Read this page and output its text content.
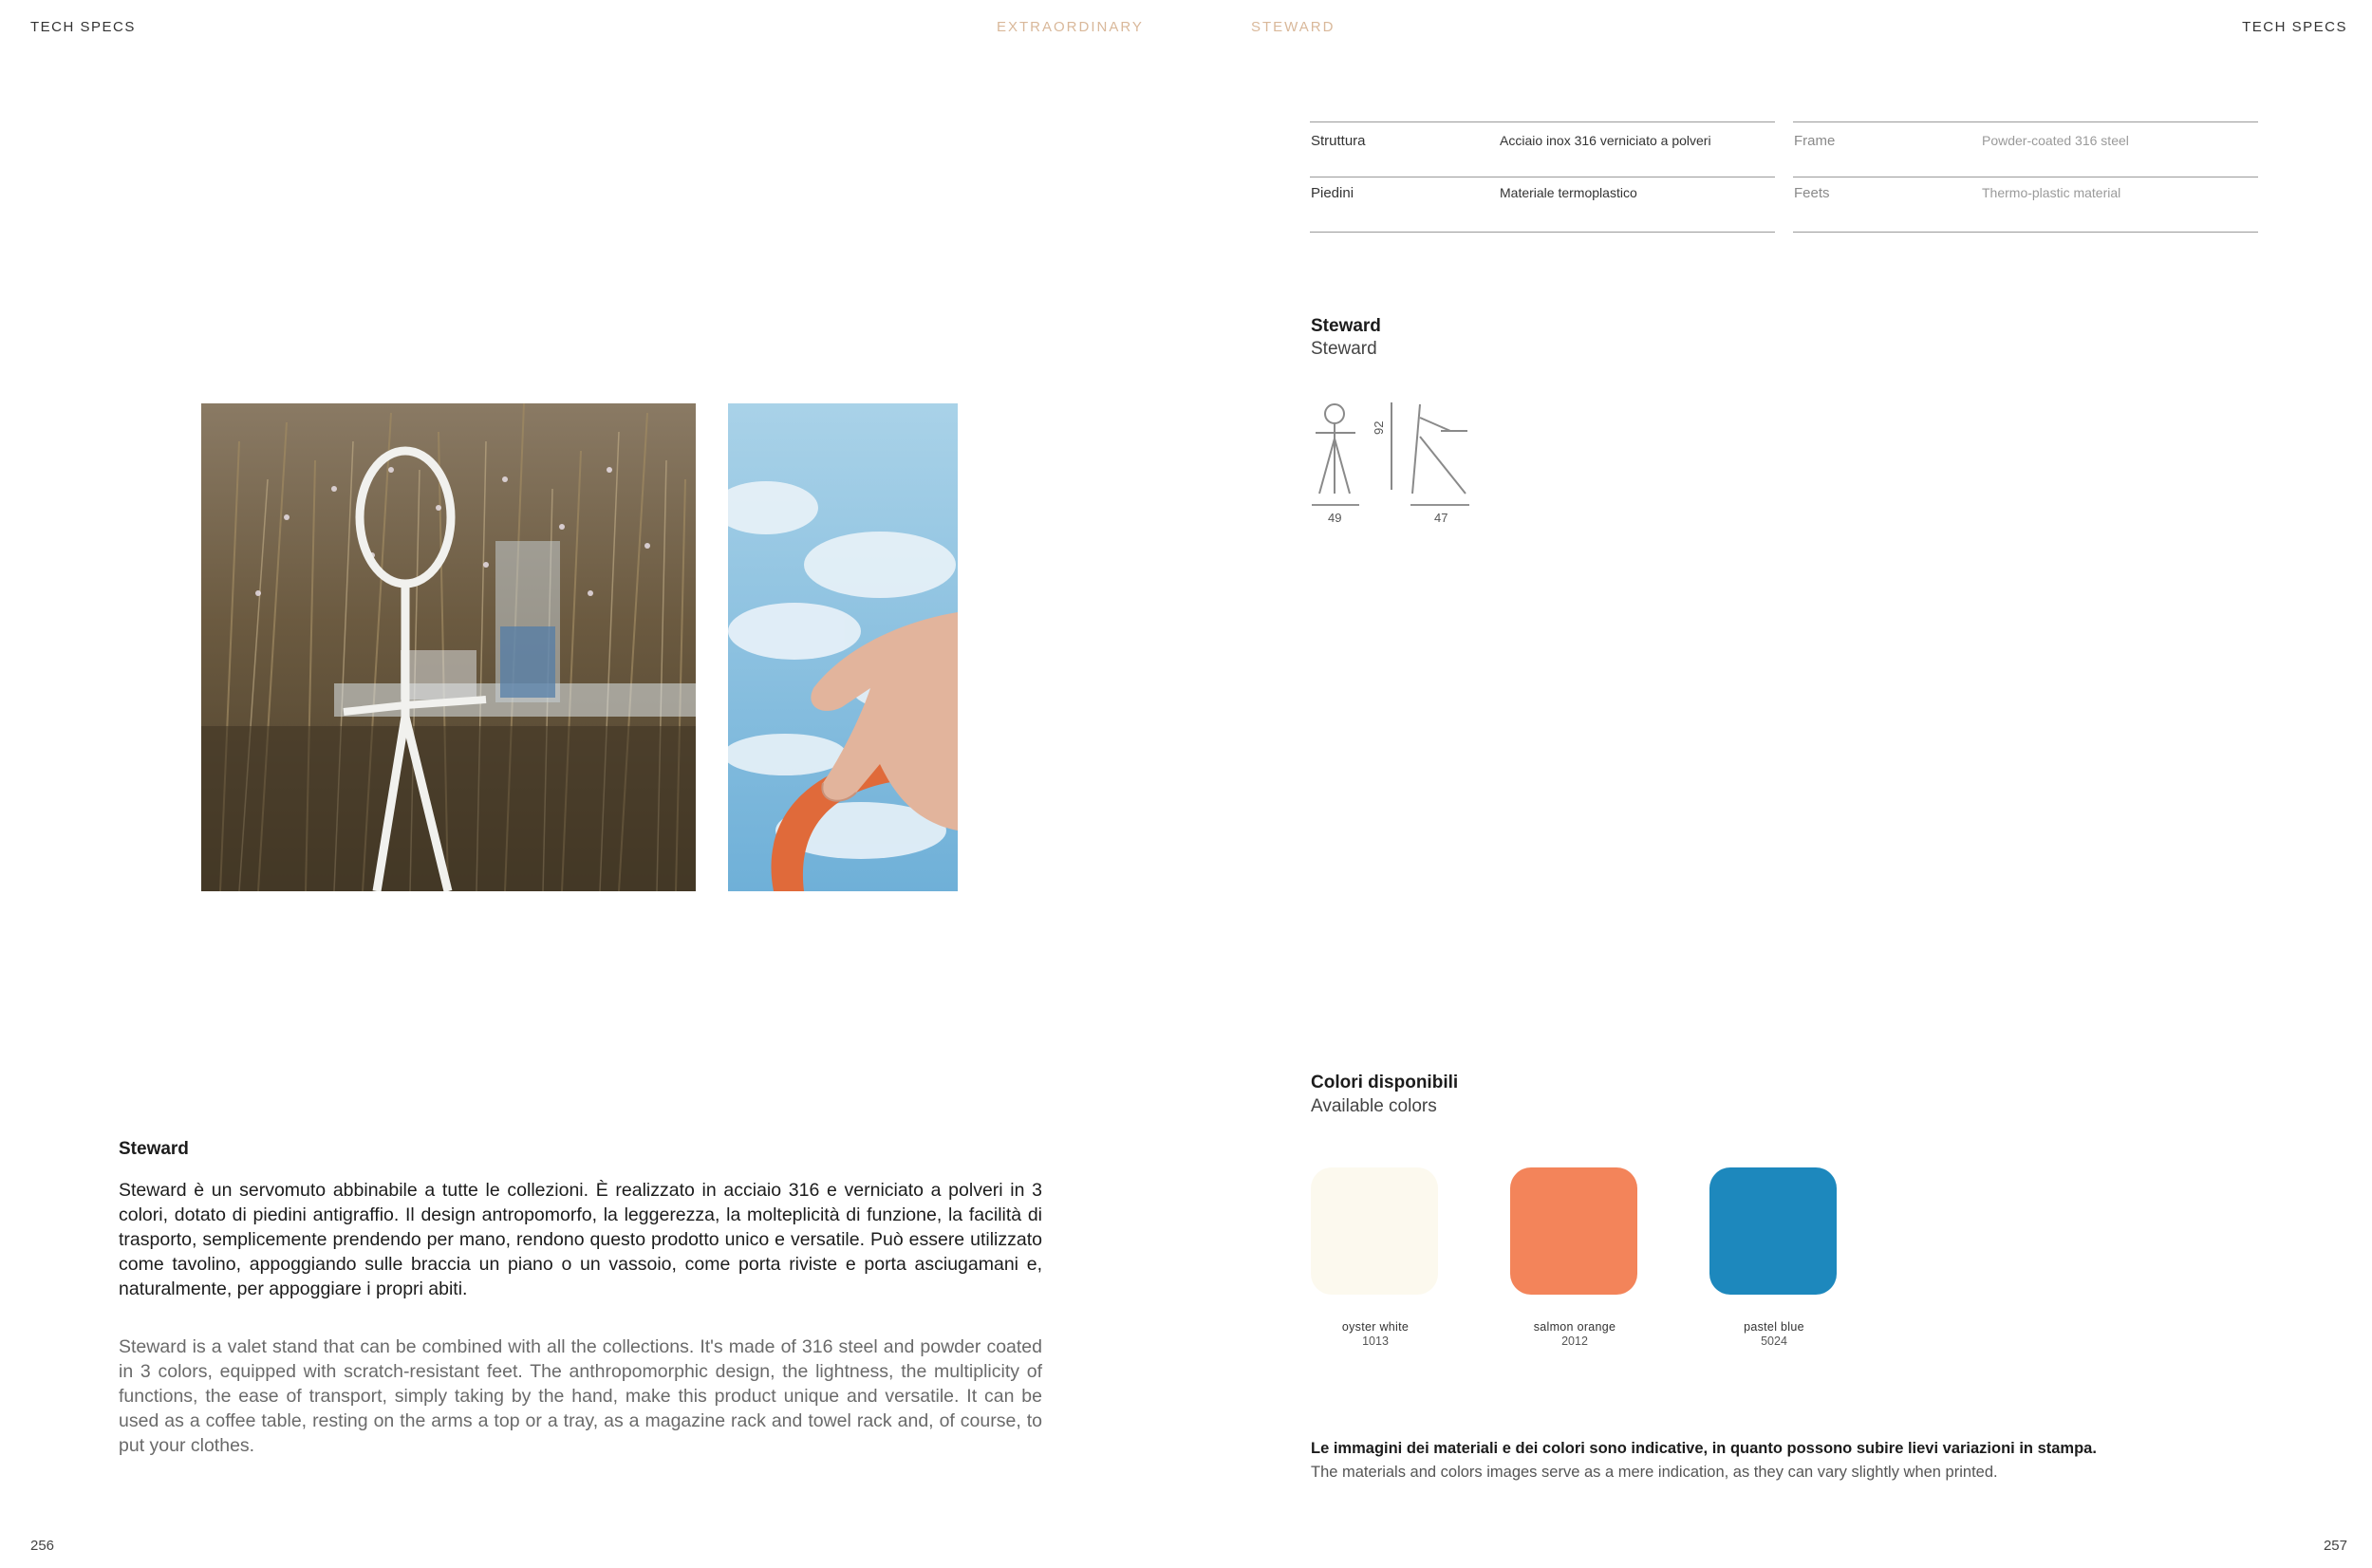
TECH SPECS	EXTRAORDINARY	STEWARD	TECH SPECS
Steward
Steward è un servomuto abbinabile a tutte le collezioni. È realizzato in acciaio 316 e verniciato a polveri in 3 colori, dotato di piedini antigraffio. Il design antropomorfo, la leggerezza, la molteplicità di funzione, la facilità di trasporto, semplicemente prendendo per mano, rendono questo prodotto unico e versatile. Può essere utilizzato come tavolino, appoggiando sulle braccia un piano o un vassoio, come porta riviste e porta asciugamani e, naturalmente, per appoggiare i propri abiti.
Steward is a valet stand that can be combined with all the collections. It's made of 316 steel and powder coated in 3 colors, equipped with scratch-resistant feet. The anthropomorphic design, the lightness, the multiplicity of functions, the ease of transport, simply taking by the hand, make this product unique and versatile. It can be used as a coffee table, resting on the arms a top or a tray, as a magazine rack and towel rack and, of course, to put your clothes.
256
Struttura	Acciaio inox 316 verniciato a polveri
Piedini	Materiale termoplastico
Frame	Powder-coated 316 steel
Feets	Thermo-plastic material
Steward
Steward
92
49	47
Colori disponibili
Available colors
oyster white
1013
salmon orange
2012
pastel blue
5024
Le immagini dei materiali e dei colori sono indicative, in quanto possono subire lievi variazioni in stampa.
The materials and colors images serve as a mere indication, as they can vary slightly when printed.
257
